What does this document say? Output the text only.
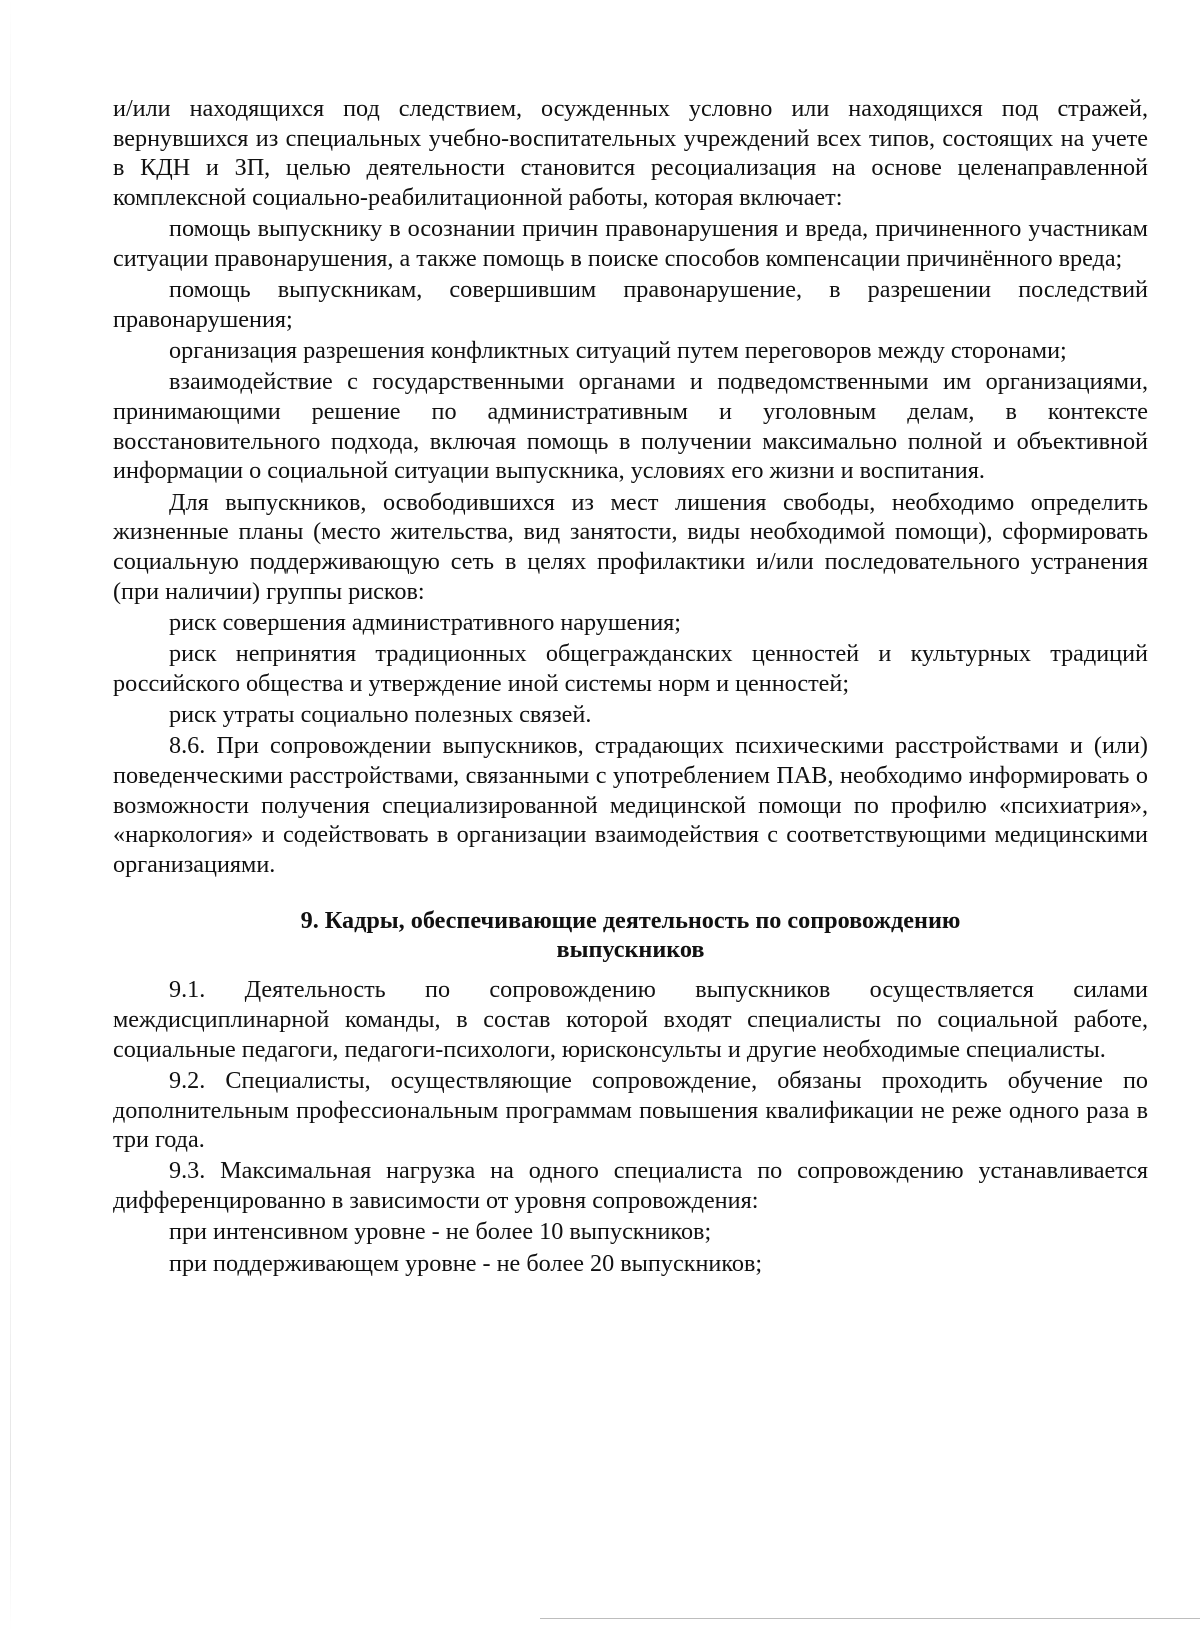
и/или находящихся под следствием, осужденных условно или находящихся под стражей, вернувшихся из специальных учебно-воспитательных учреждений всех типов, состоящих на учете в КДН и ЗП, целью деятельности становится ресоциализация на основе целенаправленной комплексной социально-реабилитационной работы, которая включает:

помощь выпускнику в осознании причин правонарушения и вреда, причиненного участникам ситуации правонарушения, а также помощь в поиске способов компенсации причинённого вреда;

помощь выпускникам, совершившим правонарушение, в разрешении последствий правонарушения;

организация разрешения конфликтных ситуаций путем переговоров между сторонами;

взаимодействие с государственными органами и подведомственными им организациями, принимающими решение по административным и уголовным делам, в контексте восстановительного подхода, включая помощь в получении максимально полной и объективной информации о социальной ситуации выпускника, условиях его жизни и воспитания.

Для выпускников, освободившихся из мест лишения свободы, необходимо определить жизненные планы (место жительства, вид занятости, виды необходимой помощи), сформировать социальную поддерживающую сеть в целях профилактики и/или последовательного устранения (при наличии) группы рисков:

риск совершения административного нарушения;

риск непринятия традиционных общегражданских ценностей и культурных традиций российского общества и утверждение иной системы норм и ценностей;

риск утраты социально полезных связей.

8.6. При сопровождении выпускников, страдающих психическими расстройствами и (или) поведенческими расстройствами, связанными с употреблением ПАВ, необходимо информировать о возможности получения специализированной медицинской помощи по профилю «психиатрия», «наркология» и содействовать в организации взаимодействия с соответствующими медицинскими организациями.

9. Кадры, обеспечивающие деятельность по сопровождению
выпускников

9.1. Деятельность по сопровождению выпускников осуществляется силами междисциплинарной команды, в состав которой входят специалисты по социальной работе, социальные педагоги, педагоги-психологи, юрисконсульты и другие необходимые специалисты.

9.2. Специалисты, осуществляющие сопровождение, обязаны проходить обучение по дополнительным профессиональным программам повышения квалификации не реже одного раза в три года.

9.3. Максимальная нагрузка на одного специалиста по сопровождению устанавливается дифференцированно в зависимости от уровня сопровождения:

при интенсивном уровне - не более 10 выпускников;

при поддерживающем уровне - не более 20 выпускников;
